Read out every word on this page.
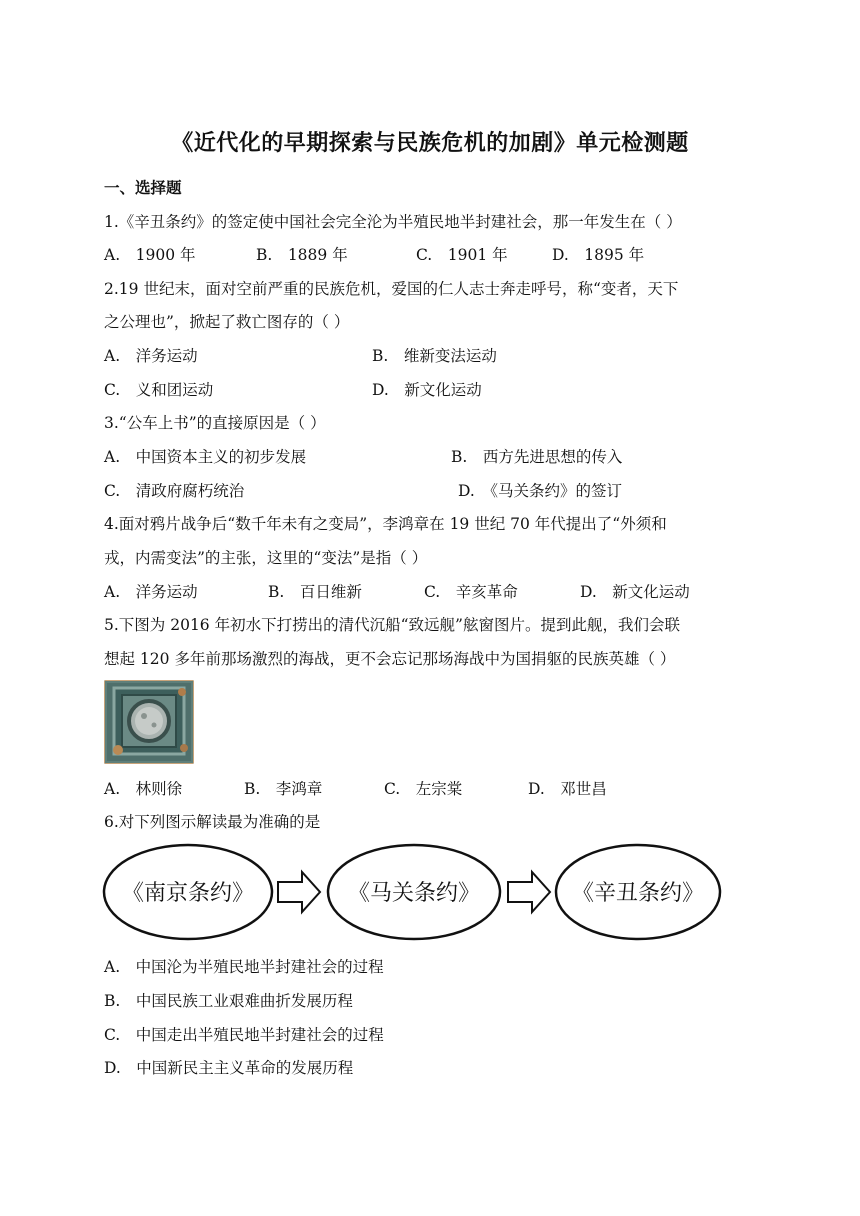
《近代化的早期探索与民族危机的加剧》单元检测题
一、选择题
1.《辛丑条约》的签定使中国社会完全沦为半殖民地半封建社会，那一年发生在（ ）
A.　1900 年	B.　1889 年	C.　1901 年	D.　1895 年
2.19 世纪末，面对空前严重的民族危机，爱国的仁人志士奔走呼号，称“变者，天下
之公理也”，掀起了救亡图存的（ ）
A.　洋务运动	B.　维新变法运动
C.　义和团运动	D.　新文化运动
3.“公车上书”的直接原因是（ ）
A.　中国资本主义的初步发展	B.　西方先进思想的传入
C.　清政府腐朽统治	D.　《马关条约》的签订
4.面对鸦片战争后“数千年未有之变局”，李鸿章在 19 世纪 70 年代提出了“外须和
戎，内需变法”的主张，这里的“变法”是指（ ）
A.　洋务运动	B.　百日维新	C.　辛亥革命	D.　新文化运动
5.下图为 2016 年初水下打捞出的清代沉船“致远舰”舷窗图片。提到此舰，我们会联
想起 120 多年前那场激烈的海战，更不会忘记那场海战中为国捐躯的民族英雄（ ）
A.　林则徐	B.　李鸿章	C.　左宗棠	D.　邓世昌
6.对下列图示解读最为准确的是
《南京条约》	《马关条约》	《辛丑条约》
A.　中国沦为半殖民地半封建社会的过程
B.　中国民族工业艰难曲折发展历程
C.　中国走出半殖民地半封建社会的过程
D.　中国新民主主义革命的发展历程
